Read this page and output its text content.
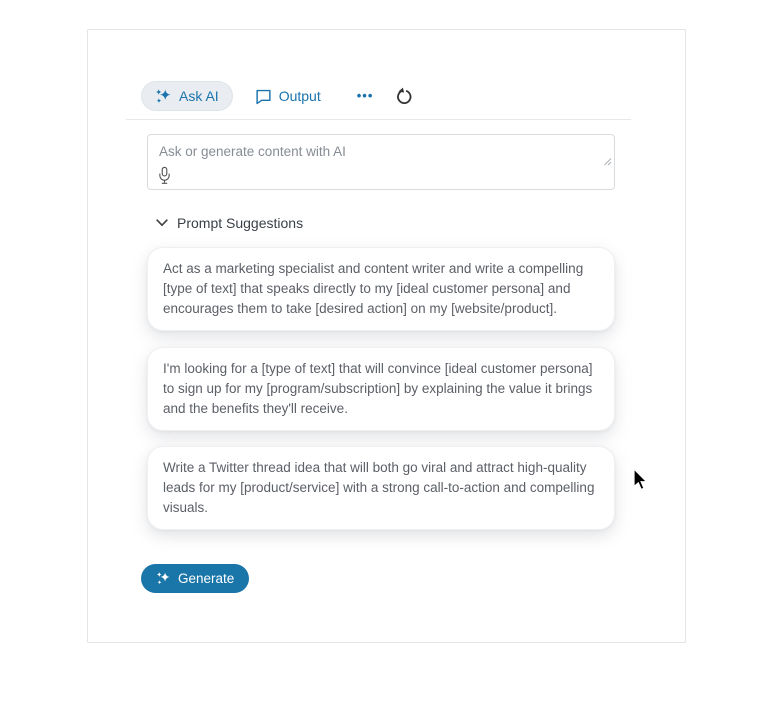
Ask AI	Output	•••
Ask or generate content with AI
Prompt Suggestions
Act as a marketing specialist and content writer and write a compelling [type of text] that speaks directly to my [ideal customer persona] and encourages them to take [desired action] on my [website/product].
I'm looking for a [type of text] that will convince [ideal customer persona] to sign up for my [program/subscription] by explaining the value it brings and the benefits they'll receive.
Write a Twitter thread idea that will both go viral and attract high-quality leads for my [product/service] with a strong call-to-action and compelling visuals.
Generate
